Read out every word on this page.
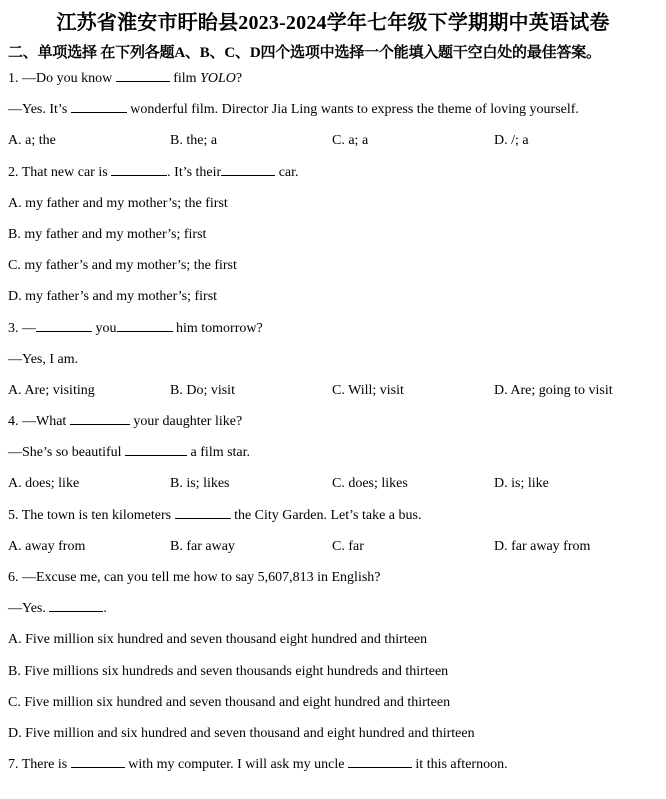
江苏省淮安市盱眙县2023-2024学年七年级下学期期中英语试卷
二、单项选择 在下列各题A、B、C、D四个选项中选择一个能填入题干空白处的最佳答案。
1. —Do you know	film YOLO?
—Yes. It’s	wonderful film. Director Jia Ling wants to express the theme of loving yourself.
A. a; the	B. the; a	C. a; a	D. /; a
2. That new car is	. It’s their	car.
A. my father and my mother’s; the first
B. my father and my mother’s; first
C. my father’s and my mother’s; the first
D. my father’s and my mother’s; first
3. —	you	him tomorrow?
—Yes, I am.
A. Are; visiting	B. Do; visit	C. Will; visit	D. Are; going to visit
4. —What	your daughter like?
—She’s so beautiful	a film star.
A. does; like	B. is; likes	C. does; likes	D. is; like
5. The town is ten kilometers	the City Garden. Let’s take a bus.
A. away from	B. far away	C. far	D. far away from
6. —Excuse me, can you tell me how to say 5,607,813 in English?
—Yes.	.
A. Five million six hundred and seven thousand eight hundred and thirteen
B. Five millions six hundreds and seven thousands eight hundreds and thirteen
C. Five million six hundred and seven thousand and eight hundred and thirteen
D. Five million and six hundred and seven thousand and eight hundred and thirteen
7. There is	with my computer. I will ask my uncle	it this afternoon.
